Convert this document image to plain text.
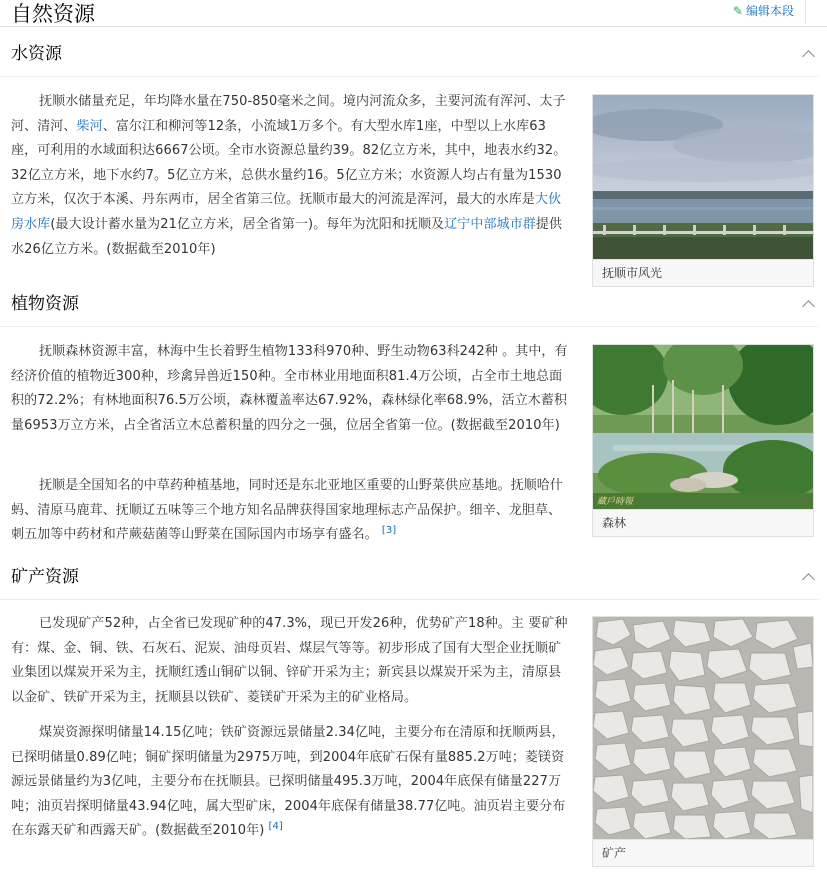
自然资源	✎ 编辑本段
水资源
抚顺水储量充足，年均降水量在750-850毫米之间。境内河流众多，主要河流有浑河、太子河、清河、柴河、富尔江和柳河等12条，小流域1万多个。有大型水库1座，中型以上水库63座，可利用的水域面积达6667公顷。全市水资源总量约39。82亿立方米，其中，地表水约32。32亿立方米，地下水约7。5亿立方米，总供水量约16。5亿立方米；水资源人均占有量为1530立方米，仅次于本溪、丹东两市，居全省第三位。抚顺市最大的河流是浑河，最大的水库是大伙房水库(最大设计蓄水量为21亿立方米，居全省第一)。每年为沈阳和抚顺及辽宁中部城市群提供水26亿立方米。(数据截至2010年)
抚顺市风光
植物资源
抚顺森林资源丰富，林海中生长着野生植物133科970种、野生动物63科242种 。其中，有经济价值的植物近300种，珍禽异兽近150种。全市林业用地面积81.4万公顷，占全市土地总面积的72.2%；有林地面积76.5万公顷，森林覆盖率达67.92%，森林绿化率68.9%，活立木蓄积量6953万立方米，占全省活立木总蓄积量的四分之一强，位居全省第一位。(数据截至2010年)
抚顺是全国知名的中草药种植基地，同时还是东北亚地区重要的山野菜供应基地。抚顺哈什蚂、清原马鹿茸、抚顺辽五味等三个地方知名品牌获得国家地理标志产品保护。细辛、龙胆草、刺五加等中药材和芹蕨菇菌等山野菜在国际国内市场享有盛名。 [3]
藏戶時報
森林
矿产资源
已发现矿产52种，占全省已发现矿种的47.3%，现已开发26种，优势矿产18种。主 要矿种有：煤、金、铜、铁、石灰石、泥炭、油母页岩、煤层气等等。初步形成了国有大型企业抚顺矿业集团以煤炭开采为主，抚顺红透山铜矿以铜、锌矿开采为主；新宾县以煤炭开采为主，清原县以金矿、铁矿开采为主，抚顺县以铁矿、菱镁矿开采为主的矿业格局。
煤炭资源探明储量14.15亿吨；铁矿资源远景储量2.34亿吨，主要分布在清原和抚顺两县，已探明储量0.89亿吨；铜矿探明储量为2975万吨，到2004年底矿石保有量885.2万吨；菱镁资源远景储量约为3亿吨，主要分布在抚顺县。已探明储量495.3万吨，2004年底保有储量227万吨；油页岩探明储量43.94亿吨，属大型矿床，2004年底保有储量38.77亿吨。油页岩主要分布在东露天矿和西露天矿。(数据截至2010年) [4]
矿产
